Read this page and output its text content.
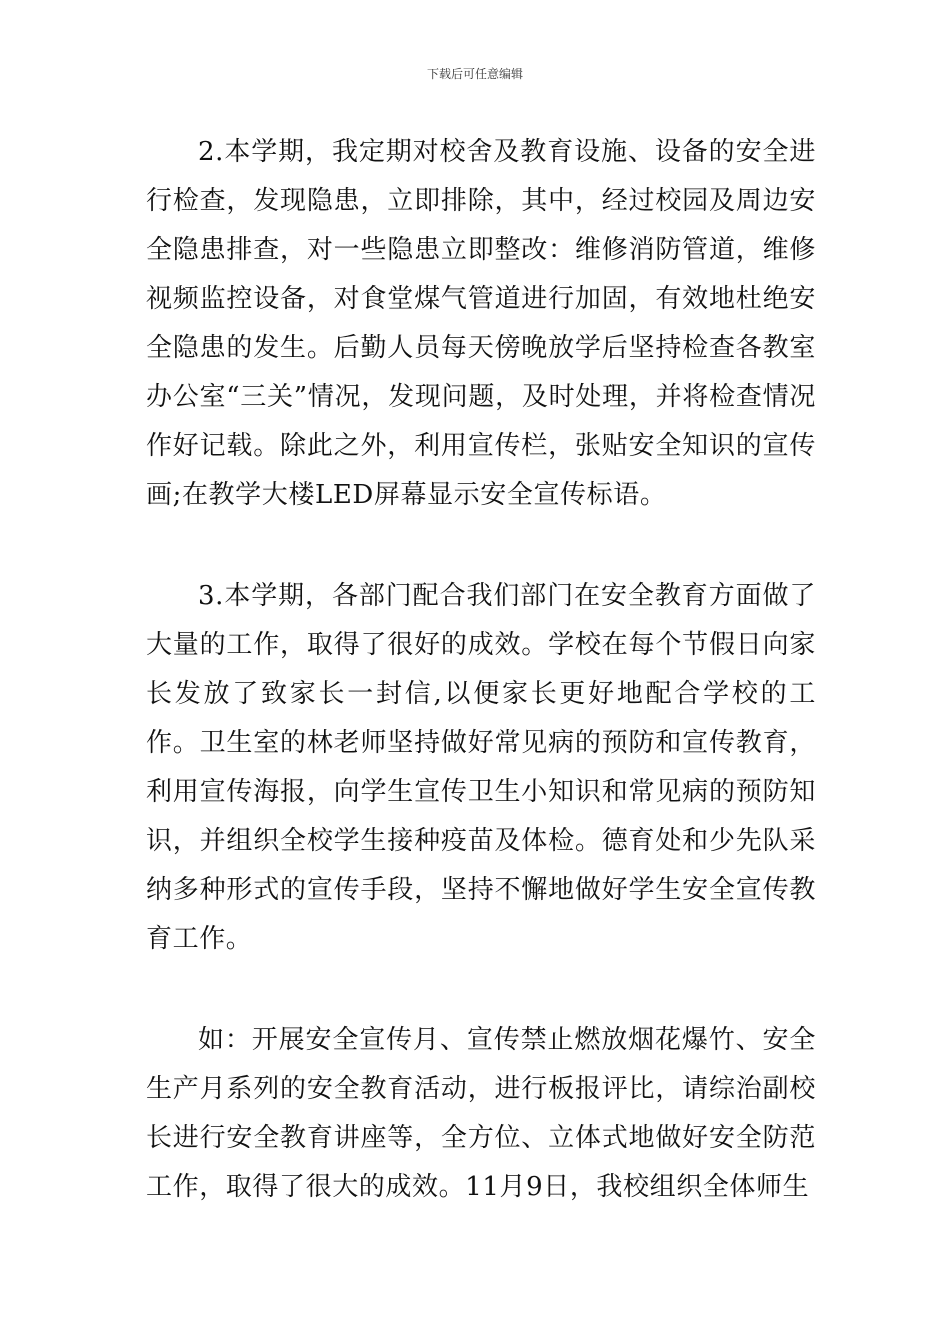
下载后可任意编辑

2.本学期，我定期对校舍及教育设施、设备的安全进行检查，发现隐患，立即排除，其中，经过校园及周边安全隐患排查，对一些隐患立即整改：维修消防管道，维修视频监控设备，对食堂煤气管道进行加固，有效地杜绝安全隐患的发生。后勤人员每天傍晚放学后坚持检查各教室办公室“三关”情况，发现问题，及时处理，并将检查情况作好记载。除此之外，利用宣传栏，张贴安全知识的宣传画;在教学大楼LED屏幕显示安全宣传标语。

3.本学期，各部门配合我们部门在安全教育方面做了大量的工作，取得了很好的成效。学校在每个节假日向家长发放了致家长一封信,以便家长更好地配合学校的工作。卫生室的林老师坚持做好常见病的预防和宣传教育，利用宣传海报，向学生宣传卫生小知识和常见病的预防知识，并组织全校学生接种疫苗及体检。德育处和少先队采纳多种形式的宣传手段，坚持不懈地做好学生安全宣传教育工作。

如：开展安全宣传月、宣传禁止燃放烟花爆竹、安全生产月系列的安全教育活动，进行板报评比，请综治副校长进行安全教育讲座等，全方位、立体式地做好安全防范工作，取得了很大的成效。11月9日，我校组织全体师生
